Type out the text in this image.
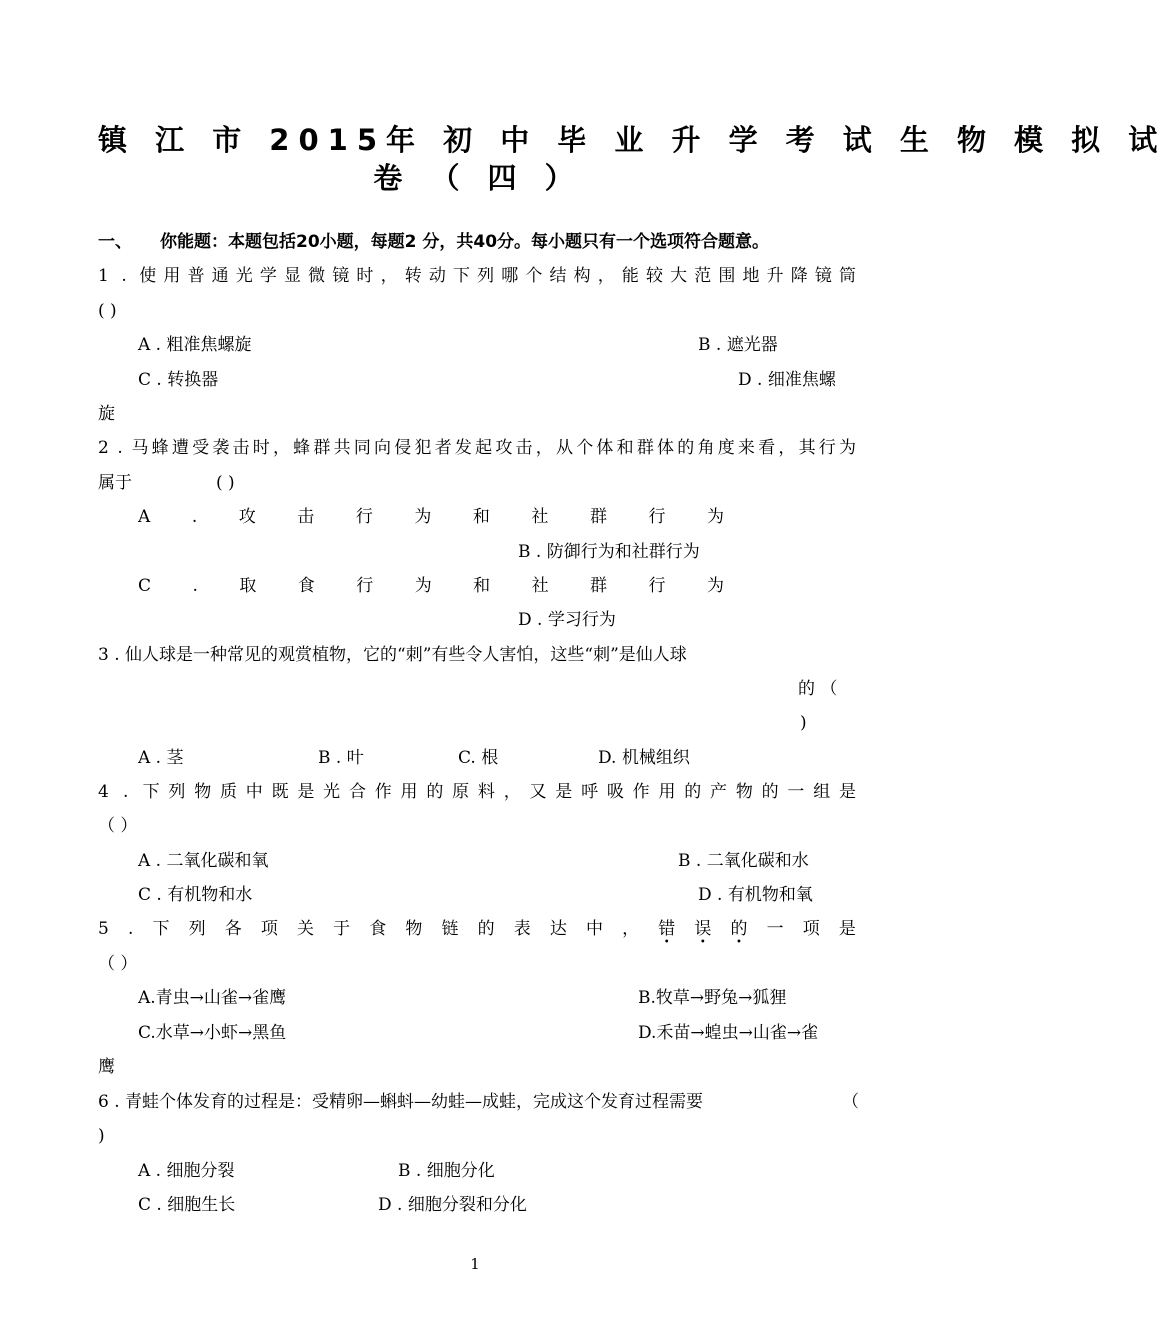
镇 江 市 2015年 初 中 毕 业 升 学 考 试 生 物 模 拟 试
卷 （ 四 ）
一、 你能题：本题包括20小题，每题2 分，共40分。每小题只有一个选项符合题意。
1 . 使用普通光学显微镜时，转动下列哪个结构，能较大范围地升降镜筒
( )
A . 粗准焦螺旋	B . 遮光器
C . 转换器	D . 细准焦螺
旋
2 . 马蜂遭受袭击时，蜂群共同向侵犯者发起攻击，从个体和群体的角度来看，其行为
属于	( )
A . 攻 击 行 为 和 社 群 行 为
B . 防御行为和社群行为
C . 取 食 行 为 和 社 群 行 为
D . 学习行为
3 . 仙人球是一种常见的观赏植物，它的“刺”有些令人害怕，这些“刺”是仙人球
的 （
)
A . 茎	B . 叶	C. 根	D. 机械组织
4 . 下列物质中既是光合作用的原料，又是呼吸作用的产物的一组是
（ ）
A . 二氧化碳和氧	B . 二氧化碳和水
C . 有机物和水	D . 有机物和氧
5 . 下 列 各 项 关 于 食 物 链 的 表 达 中 ， 错
•
误
•
的
•
一 项 是
（ ）
A.青虫→山雀→雀鹰	B.牧草→野兔→狐狸
C.水草→小虾→黑鱼	D.禾苗→蝗虫→山雀→雀
鹰
6 . 青蛙个体发育的过程是：受精卵—蝌蚪—幼蛙—成蛙，完成这个发育过程需要	（
)
A . 细胞分裂	B . 细胞分化
C . 细胞生长	D . 细胞分裂和分化
1
